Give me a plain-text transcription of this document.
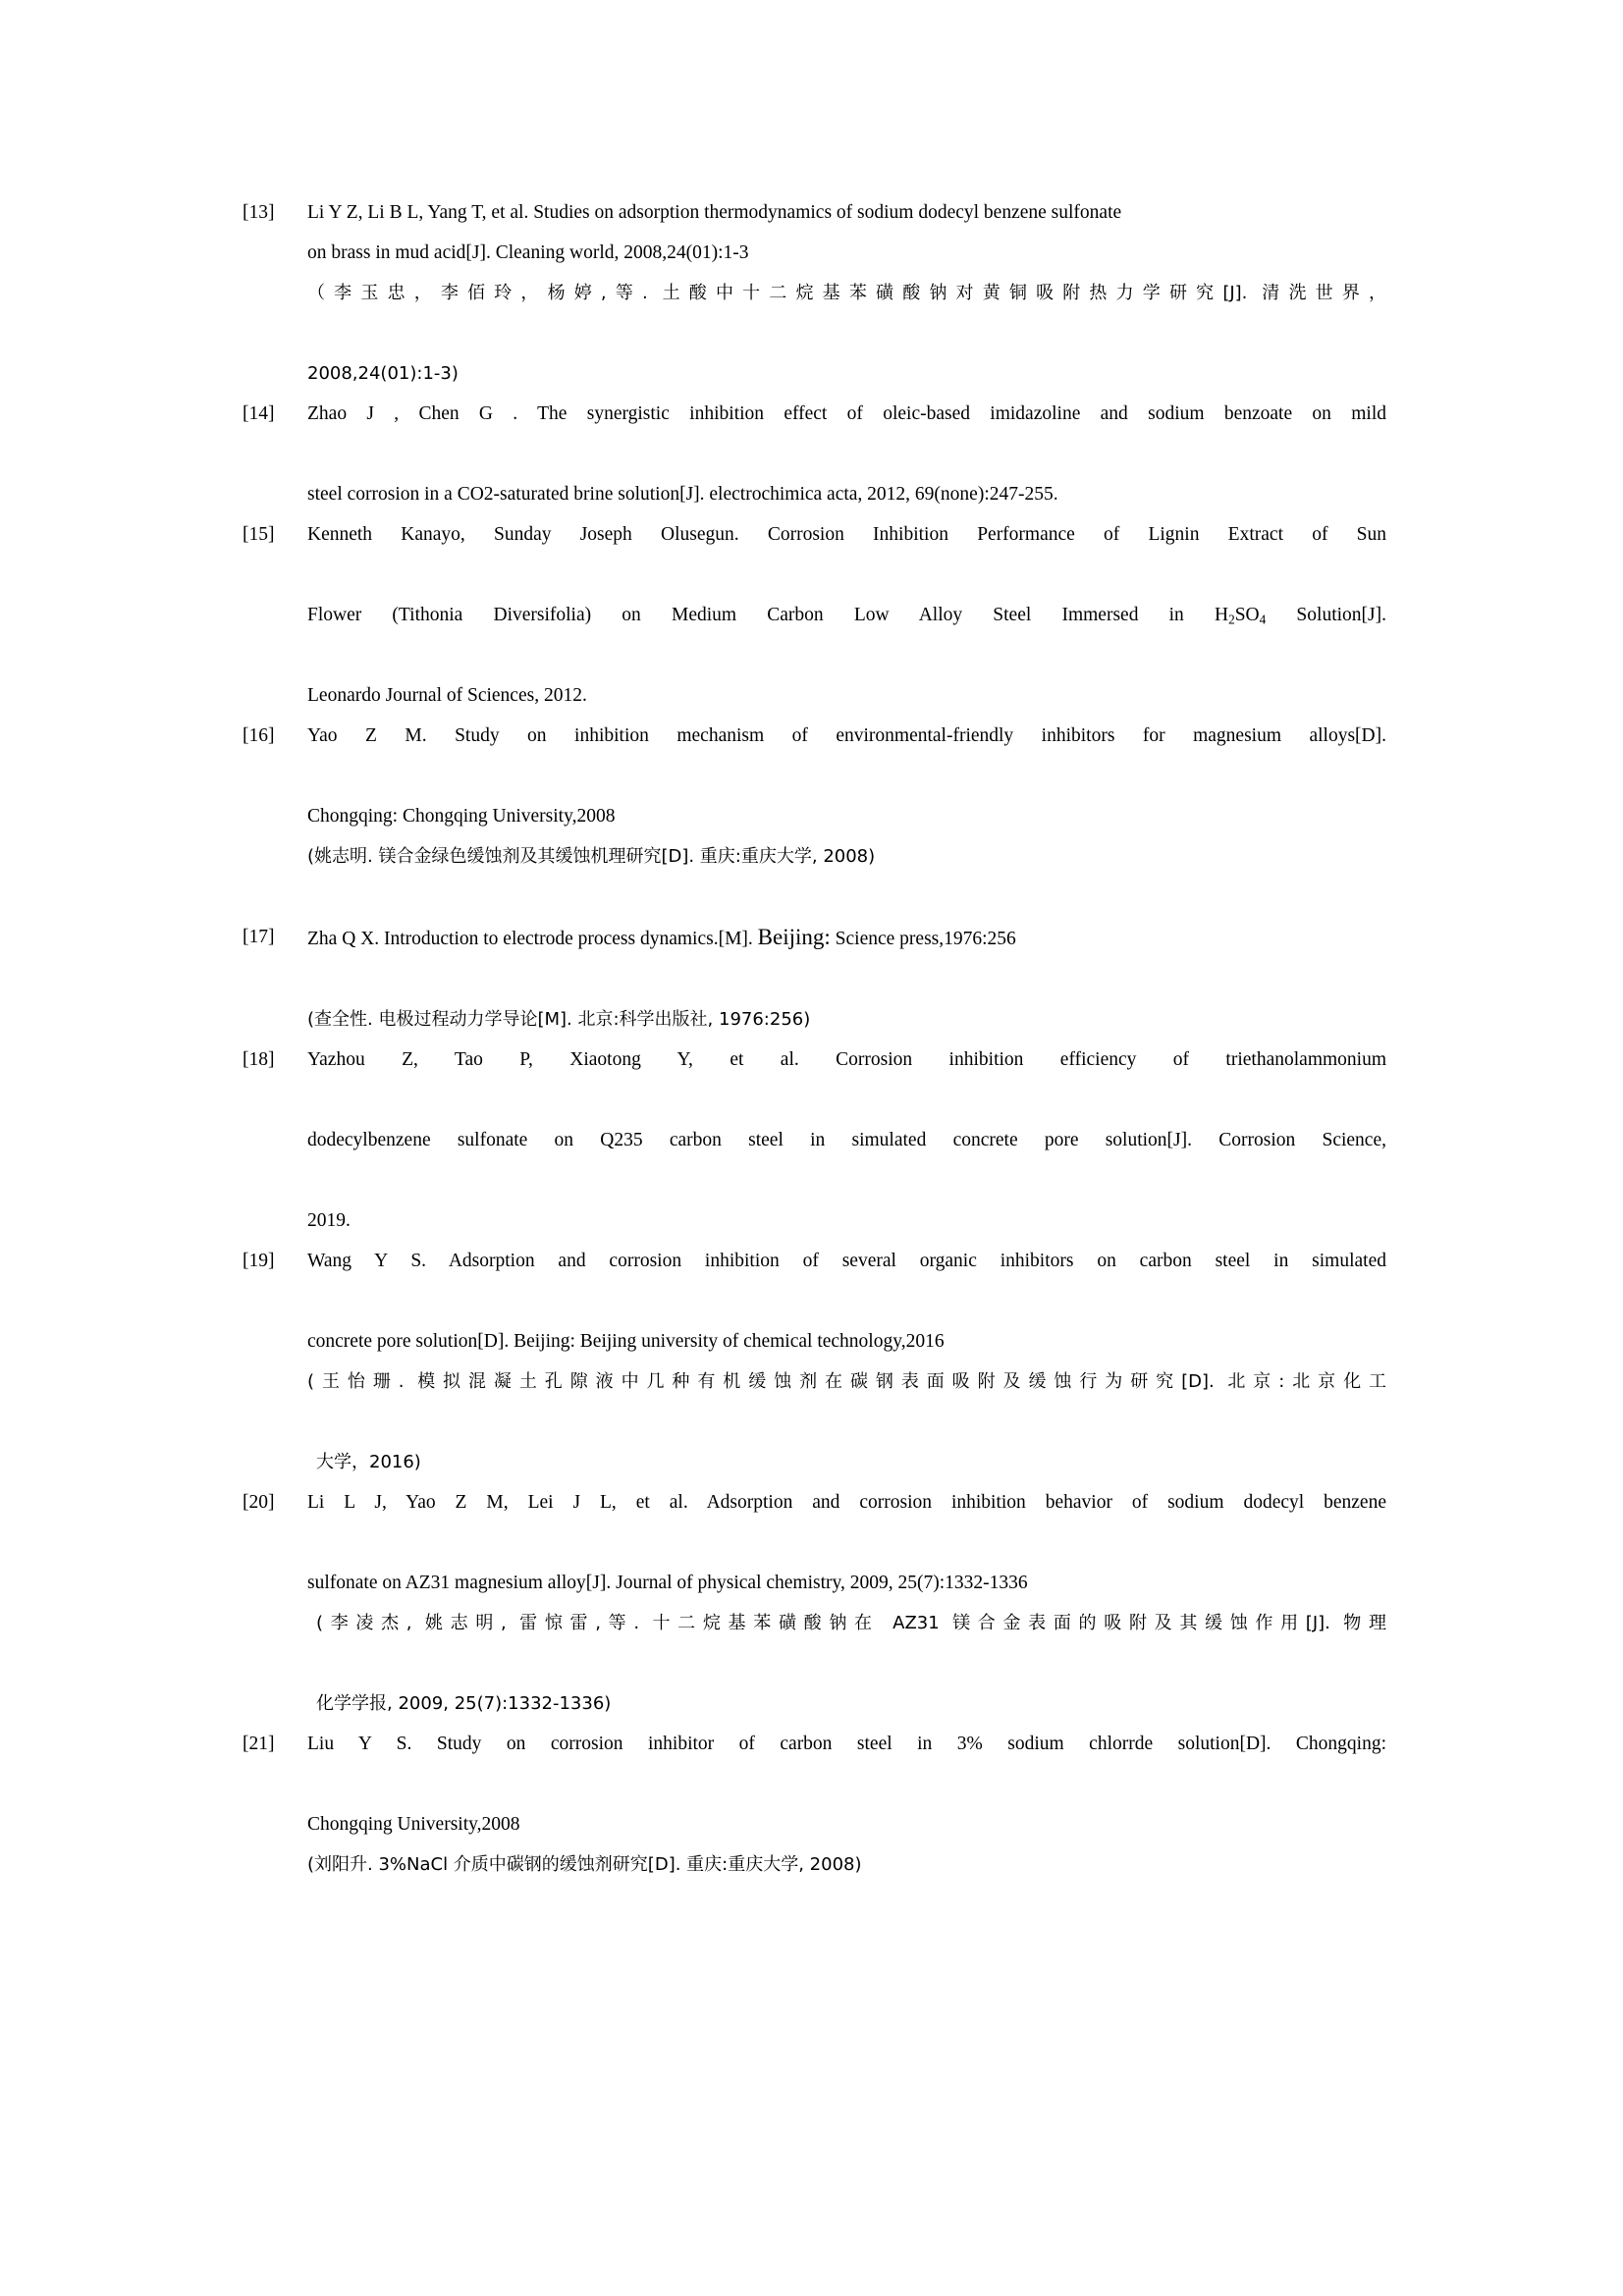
[13]	Li Y Z, Li B L, Yang T, et al. Studies on adsorption thermodynamics of sodium dodecyl benzene sulfonate
on brass in mud acid[J]. Cleaning world, 2008,24(01):1-3
（李玉忠，李佰玲，杨婷,等. 土酸中十二烷基苯磺酸钠对黄铜吸附热力学研究[J]. 清洗世界，
2008,24(01):1-3)
[14]	Zhao J , Chen G . The synergistic inhibition effect of oleic-based imidazoline and sodium benzoate on mild
steel corrosion in a CO2-saturated brine solution[J]. electrochimica acta, 2012, 69(none):247-255.
[15]	Kenneth Kanayo, Sunday Joseph Olusegun. Corrosion Inhibition Performance of Lignin Extract of Sun
Flower (Tithonia Diversifolia) on Medium Carbon Low Alloy Steel Immersed in $H_2SO_4$ Solution[J].
Leonardo Journal of Sciences, 2012.
[16]	Yao Z M. Study on inhibition mechanism of environmental-friendly inhibitors for magnesium alloys[D].
Chongqing: Chongqing University,2008
(姚志明. 镁合金绿色缓蚀剂及其缓蚀机理研究[D]. 重庆:重庆大学, 2008)
[17]	Zha Q X. Introduction to electrode process dynamics.[M]. Beijing: Science press,1976:256
(查全性. 电极过程动力学导论[M]. 北京:科学出版社, 1976:256)
[18]	Yazhou Z, Tao P, Xiaotong Y, et al. Corrosion inhibition efficiency of triethanolammonium
dodecylbenzene sulfonate on Q235 carbon steel in simulated concrete pore solution[J]. Corrosion Science,
2019.
[19]	Wang Y S. Adsorption and corrosion inhibition of several organic inhibitors on carbon steel in simulated
concrete pore solution[D]. Beijing: Beijing university of chemical technology,2016
(王怡珊. 模拟混凝土孔隙液中几种有机缓蚀剂在碳钢表面吸附及缓蚀行为研究[D]. 北京:北京化工
大学，2016)
[20]	Li L J, Yao Z M, Lei J L, et al. Adsorption and corrosion inhibition behavior of sodium dodecyl benzene
sulfonate on AZ31 magnesium alloy[J]. Journal of physical chemistry, 2009, 25(7):1332-1336
(李凌杰, 姚志明, 雷惊雷,等. 十二烷基苯磺酸钠在 AZ31 镁合金表面的吸附及其缓蚀作用[J]. 物理
化学学报, 2009, 25(7):1332-1336)
[21]	Liu Y S. Study on corrosion inhibitor of carbon steel in 3% sodium chlorrde solution[D]. Chongqing:
Chongqing University,2008
(刘阳升. 3%NaCl 介质中碳钢的缓蚀剂研究[D]. 重庆:重庆大学, 2008)
